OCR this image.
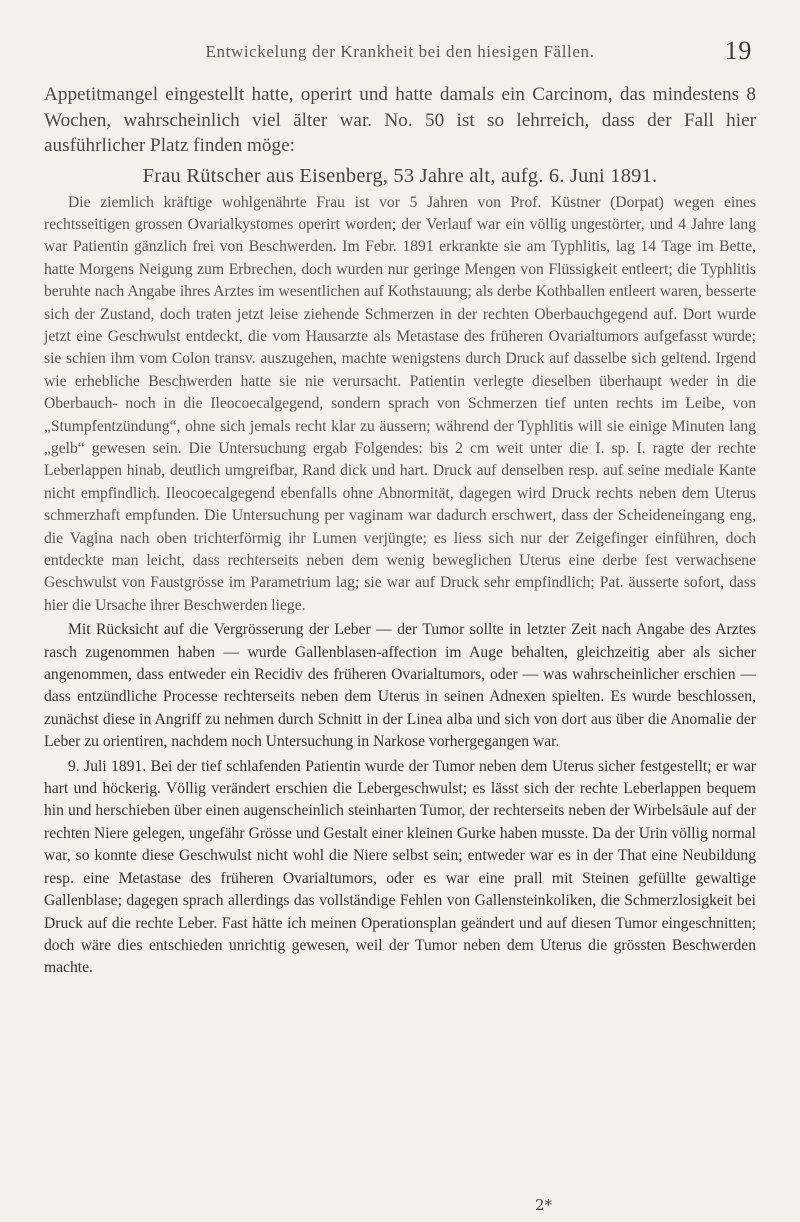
Entwickelung der Krankheit bei den hiesigen Fällen.	19

Appetitmangel eingestellt hatte, operirt und hatte damals ein Carcinom, das mindestens 8 Wochen, wahrscheinlich viel älter war. No. 50 ist so lehrreich, dass der Fall hier ausführlicher Platz finden möge:

Frau Rütscher aus Eisenberg, 53 Jahre alt, aufg. 6. Juni 1891.

Die ziemlich kräftige wohlgenährte Frau ist vor 5 Jahren von Prof. Küstner (Dorpat) wegen eines rechtsseitigen grossen Ovarialkystomes operirt worden; der Verlauf war ein völlig ungestörter, und 4 Jahre lang war Patientin gänzlich frei von Beschwerden. Im Febr. 1891 erkrankte sie am Typhlitis, lag 14 Tage im Bette, hatte Morgens Neigung zum Erbrechen, doch wurden nur geringe Mengen von Flüssigkeit entleert; die Typhlitis beruhte nach Angabe ihres Arztes im wesentlichen auf Kothstauung; als derbe Kothballen entleert waren, besserte sich der Zustand, doch traten jetzt leise ziehende Schmerzen in der rechten Oberbauchgegend auf. Dort wurde jetzt eine Geschwulst entdeckt, die vom Hausarzte als Metastase des früheren Ovarialtumors aufgefasst wurde; sie schien ihm vom Colon transv. auszugehen, machte wenigstens durch Druck auf dasselbe sich geltend. Irgend wie erhebliche Beschwerden hatte sie nie verursacht. Patientin verlegte dieselben überhaupt weder in die Oberbauch- noch in die Ileocoecalgegend, sondern sprach von Schmerzen tief unten rechts im Leibe, von „Stumpfentzündung“, ohne sich jemals recht klar zu äussern; während der Typhlitis will sie einige Minuten lang „gelb“ gewesen sein. Die Untersuchung ergab Folgendes: bis 2 cm weit unter die I. sp. I. ragte der rechte Leberlappen hinab, deutlich umgreifbar, Rand dick und hart. Druck auf denselben resp. auf seine mediale Kante nicht empfindlich. Ileocoecalgegend ebenfalls ohne Abnormität, dagegen wird Druck rechts neben dem Uterus schmerzhaft empfunden. Die Untersuchung per vaginam war dadurch erschwert, dass der Scheideneingang eng, die Vagina nach oben trichterförmig ihr Lumen verjüngte; es liess sich nur der Zeigefinger einführen, doch entdeckte man leicht, dass rechterseits neben dem wenig beweglichen Uterus eine derbe fest verwachsene Geschwulst von Faustgrösse im Parametrium lag; sie war auf Druck sehr empfindlich; Pat. äusserte sofort, dass hier die Ursache ihrer Beschwerden liege.

Mit Rücksicht auf die Vergrösserung der Leber — der Tumor sollte in letzter Zeit nach Angabe des Arztes rasch zugenommen haben — wurde Gallenblasen-affection im Auge behalten, gleichzeitig aber als sicher angenommen, dass entweder ein Recidiv des früheren Ovarialtumors, oder — was wahrscheinlicher erschien — dass entzündliche Processe rechterseits neben dem Uterus in seinen Adnexen spielten. Es wurde beschlossen, zunächst diese in Angriff zu nehmen durch Schnitt in der Linea alba und sich von dort aus über die Anomalie der Leber zu orientiren, nachdem noch Untersuchung in Narkose vorhergegangen war.

9. Juli 1891. Bei der tief schlafenden Patientin wurde der Tumor neben dem Uterus sicher festgestellt; er war hart und höckerig. Völlig verändert erschien die Lebergeschwulst; es lässt sich der rechte Leberlappen bequem hin und herschieben über einen augenscheinlich steinharten Tumor, der rechterseits neben der Wirbelsäule auf der rechten Niere gelegen, ungefähr Grösse und Gestalt einer kleinen Gurke haben musste. Da der Urin völlig normal war, so konnte diese Geschwulst nicht wohl die Niere selbst sein; entweder war es in der That eine Neubildung resp. eine Metastase des früheren Ovarialtumors, oder es war eine prall mit Steinen gefüllte gewaltige Gallenblase; dagegen sprach allerdings das vollständige Fehlen von Gallensteinkoliken, die Schmerzlosigkeit bei Druck auf die rechte Leber. Fast hätte ich meinen Operationsplan geändert und auf diesen Tumor eingeschnitten; doch wäre dies entschieden unrichtig gewesen, weil der Tumor neben dem Uterus die grössten Beschwerden machte.

2*
